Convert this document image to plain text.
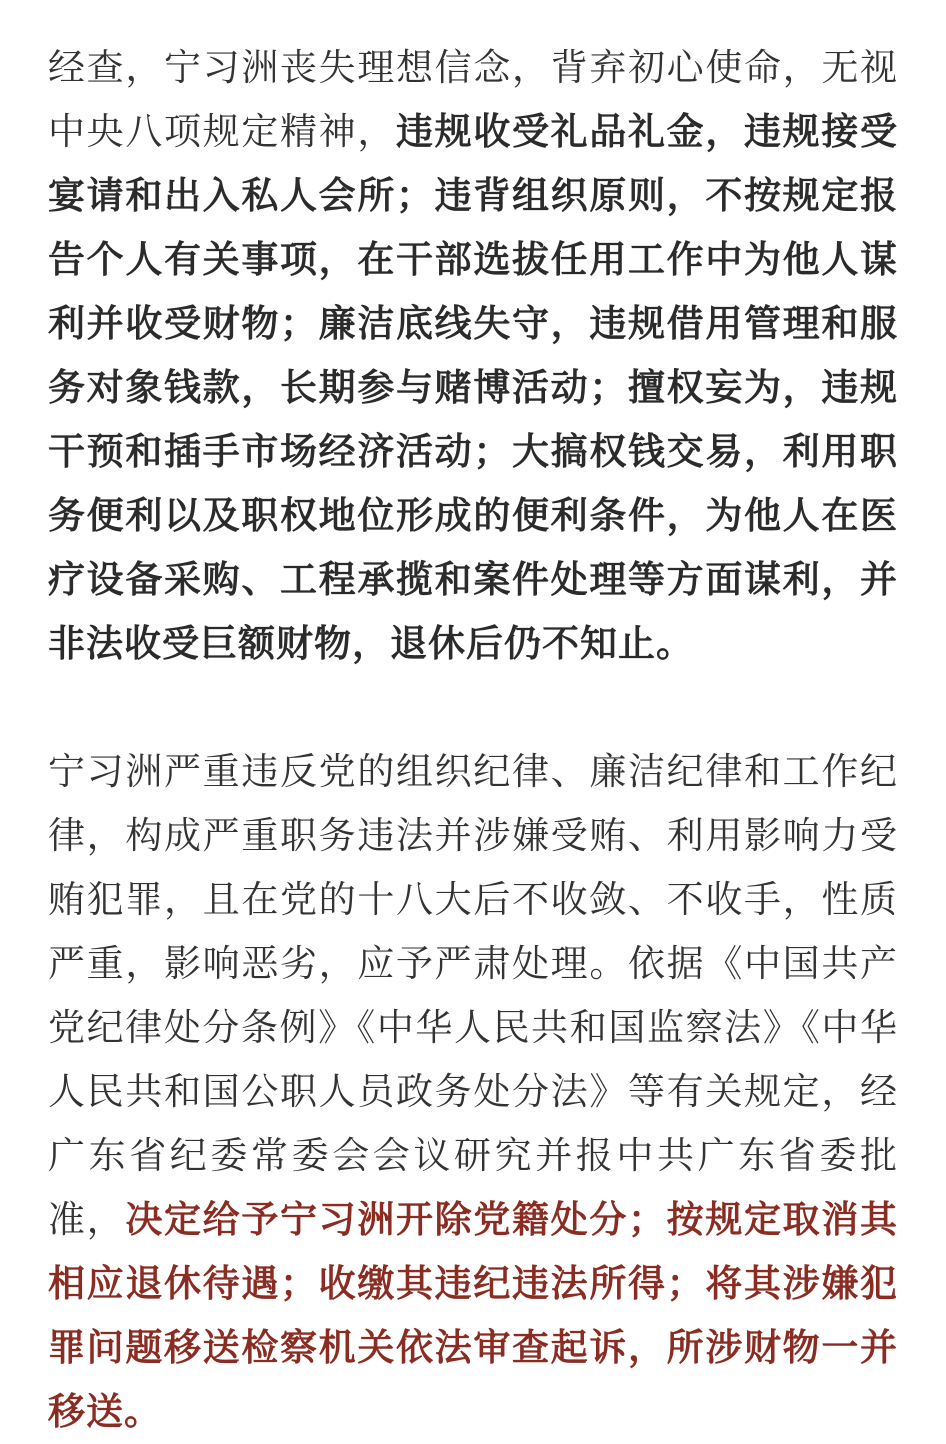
经查，宁习洲丧失理想信念，背弃初心使命，无视中央八项规定精神，违规收受礼品礼金，违规接受宴请和出入私人会所；违背组织原则，不按规定报告个人有关事项，在干部选拔任用工作中为他人谋利并收受财物；廉洁底线失守，违规借用管理和服务对象钱款，长期参与赌博活动；擅权妄为，违规干预和插手市场经济活动；大搞权钱交易，利用职务便利以及职权地位形成的便利条件，为他人在医疗设备采购、工程承揽和案件处理等方面谋利，并非法收受巨额财物，退休后仍不知止。

宁习洲严重违反党的组织纪律、廉洁纪律和工作纪律，构成严重职务违法并涉嫌受贿、利用影响力受贿犯罪，且在党的十八大后不收敛、不收手，性质严重，影响恶劣，应予严肃处理。依据《中国共产党纪律处分条例》《中华人民共和国监察法》《中华人民共和国公职人员政务处分法》等有关规定，经广东省纪委常委会会议研究并报中共广东省委批准，决定给予宁习洲开除党籍处分；按规定取消其相应退休待遇；收缴其违纪违法所得；将其涉嫌犯罪问题移送检察机关依法审查起诉，所涉财物一并移送。
